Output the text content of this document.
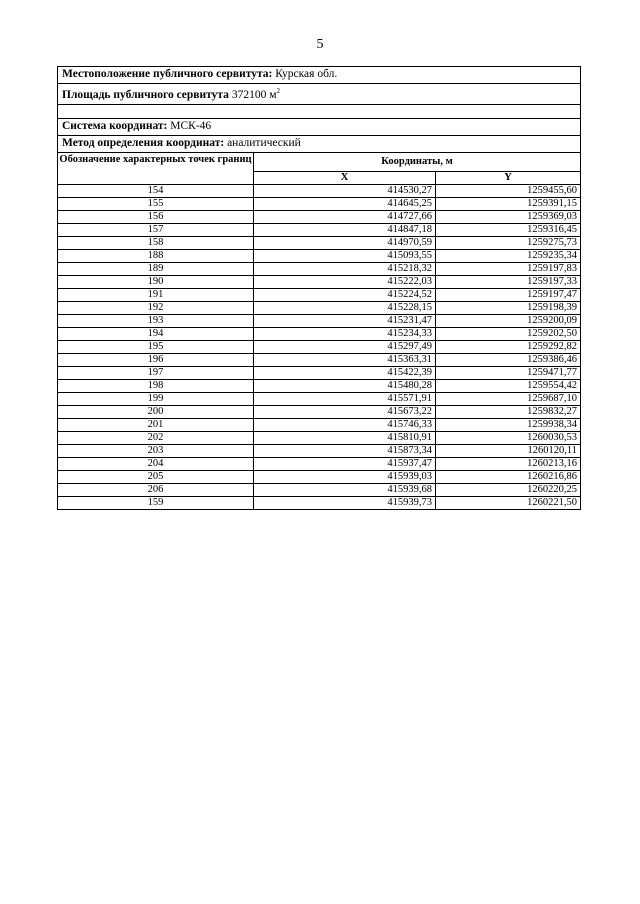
5
Местоположение публичного сервитута: Курская обл.		
Площадь публичного сервитута 372100 $м^2$

Система координат: МСК-46		
Метод определения координат: аналитический		
Обозначение характерных точек границ	Координаты, м	
	X	Y
154	414530,27	1259455,60
155	414645,25	1259391,15
156	414727,66	1259369,03
157	414847,18	1259316,45
158	414970,59	1259275,73
188	415093,55	1259235,34
189	415218,32	1259197,83
190	415222,03	1259197,33
191	415224,52	1259197,47
192	415228,15	1259198,39
193	415231,47	1259200,09
194	415234,33	1259202,50
195	415297,49	1259292,82
196	415363,31	1259386,46
197	415422,39	1259471,77
198	415480,28	1259554,42
199	415571,91	1259687,10
200	415673,22	1259832,27
201	415746,33	1259938,34
202	415810,91	1260030,53
203	415873,34	1260120,11
204	415937,47	1260213,16
205	415939,03	1260216,86
206	415939,68	1260220,25
159	415939,73	1260221,50
